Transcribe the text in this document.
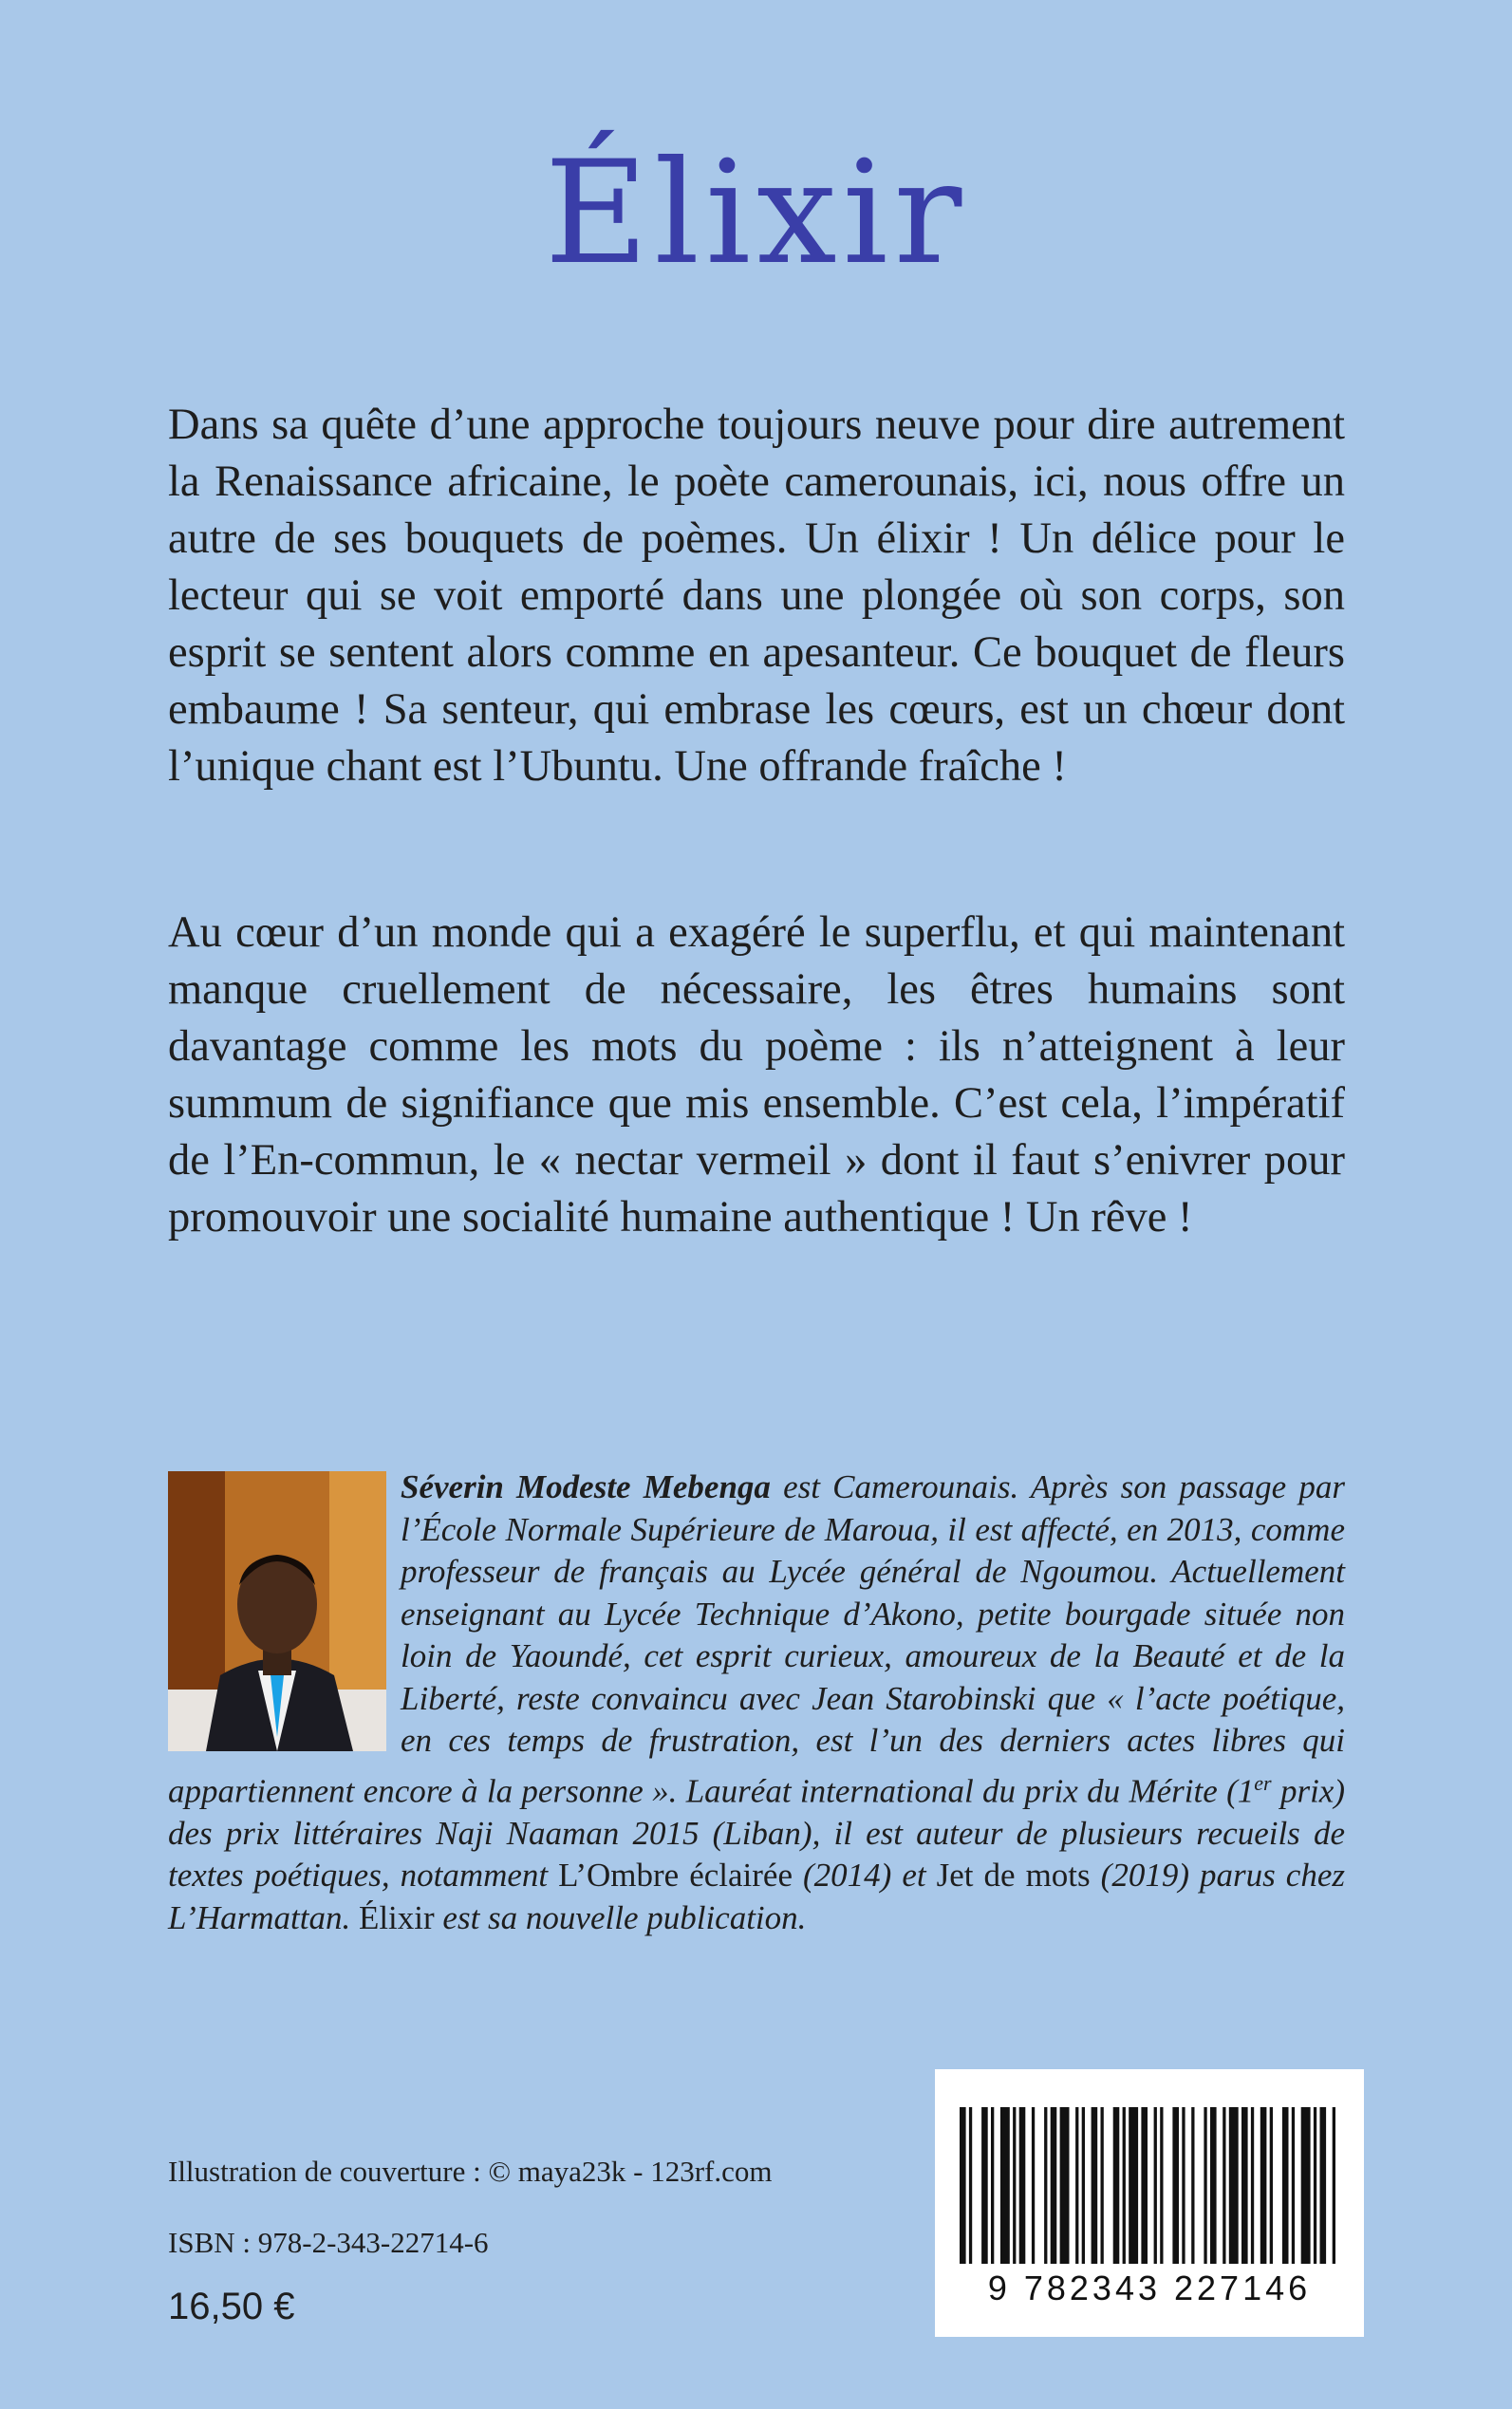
Élixir

Dans sa quête d’une approche toujours neuve pour dire autrement la Renaissance africaine, le poète camerounais, ici, nous offre un autre de ses bouquets de poèmes. Un élixir ! Un délice pour le lecteur qui se voit emporté dans une plongée où son corps, son esprit se sentent alors comme en apesanteur. Ce bouquet de fleurs embaume ! Sa senteur, qui embrase les cœurs, est un chœur dont l’unique chant est l’Ubuntu. Une offrande fraîche !

Au cœur d’un monde qui a exagéré le superflu, et qui maintenant manque cruellement de nécessaire, les êtres humains sont davantage comme les mots du poème : ils n’atteignent à leur summum de signifiance que mis ensemble. C’est cela, l’impératif de l’En-commun, le « nectar vermeil » dont il faut s’enivrer pour promouvoir une socialité humaine authentique ! Un rêve !

Séverin Modeste Mebenga est Camerounais. Après son passage par l’École Normale Supérieure de Maroua, il est affecté, en 2013, comme professeur de français au Lycée général de Ngoumou. Actuellement enseignant au Lycée Technique d’Akono, petite bourgade située non loin de Yaoundé, cet esprit curieux, amoureux de la Beauté et de la Liberté, reste convaincu avec Jean Starobinski que « l’acte poétique, en ces temps de frustration, est l’un des derniers actes libres qui appartiennent encore à la personne ». Lauréat international du prix du Mérite (1er prix) des prix littéraires Naji Naaman 2015 (Liban), il est auteur de plusieurs recueils de textes poétiques, notamment L’Ombre éclairée (2014) et Jet de mots (2019) parus chez L’Harmattan. Élixir est sa nouvelle publication.
Illustration de couverture : © maya23k - 123rf.com
ISBN : 978-2-343-22714-6
16,50 €	9 782343 227146
